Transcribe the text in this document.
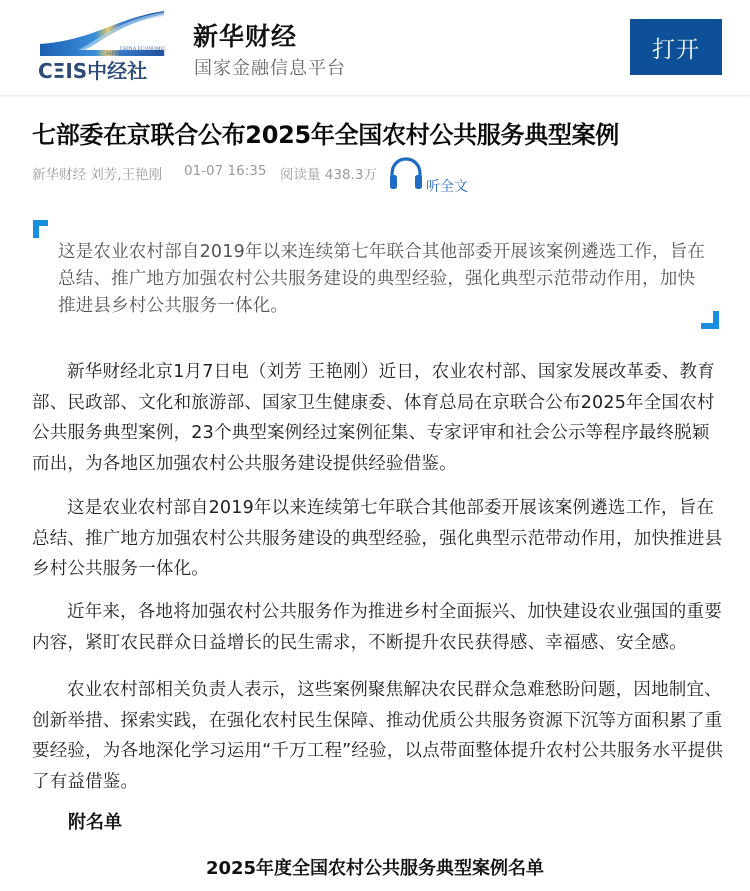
CHINA ECONOMIC
INFORMATION SERVICE
CΞIS中经社
新华财经
国家金融信息平台
打开
七部委在京联合公布2025年全国农村公共服务典型案例
新华财经 刘芳,王艳刚 01-07 16:35 阅读量 438.3万
听全文

这是农业农村部自2019年以来连续第七年联合其他部委开展该案例遴选工作，旨在总结、推广地方加强农村公共服务建设的典型经验，强化典型示范带动作用，加快推进县乡村公共服务一体化。

新华财经北京1月7日电（刘芳 王艳刚）近日，农业农村部、国家发展改革委、教育部、民政部、文化和旅游部、国家卫生健康委、体育总局在京联合公布2025年全国农村公共服务典型案例，23个典型案例经过案例征集、专家评审和社会公示等程序最终脱颖而出，为各地区加强农村公共服务建设提供经验借鉴。

这是农业农村部自2019年以来连续第七年联合其他部委开展该案例遴选工作，旨在总结、推广地方加强农村公共服务建设的典型经验，强化典型示范带动作用，加快推进县乡村公共服务一体化。

近年来，各地将加强农村公共服务作为推进乡村全面振兴、加快建设农业强国的重要内容，紧盯农民群众日益增长的民生需求，不断提升农民获得感、幸福感、安全感。

农业农村部相关负责人表示，这些案例聚焦解决农民群众急难愁盼问题，因地制宜、创新举措、探索实践，在强化农村民生保障、推动优质公共服务资源下沉等方面积累了重要经验，为各地深化学习运用“千万工程”经验，以点带面整体提升农村公共服务水平提供了有益借鉴。

附名单
2025年度全国农村公共服务典型案例名单
